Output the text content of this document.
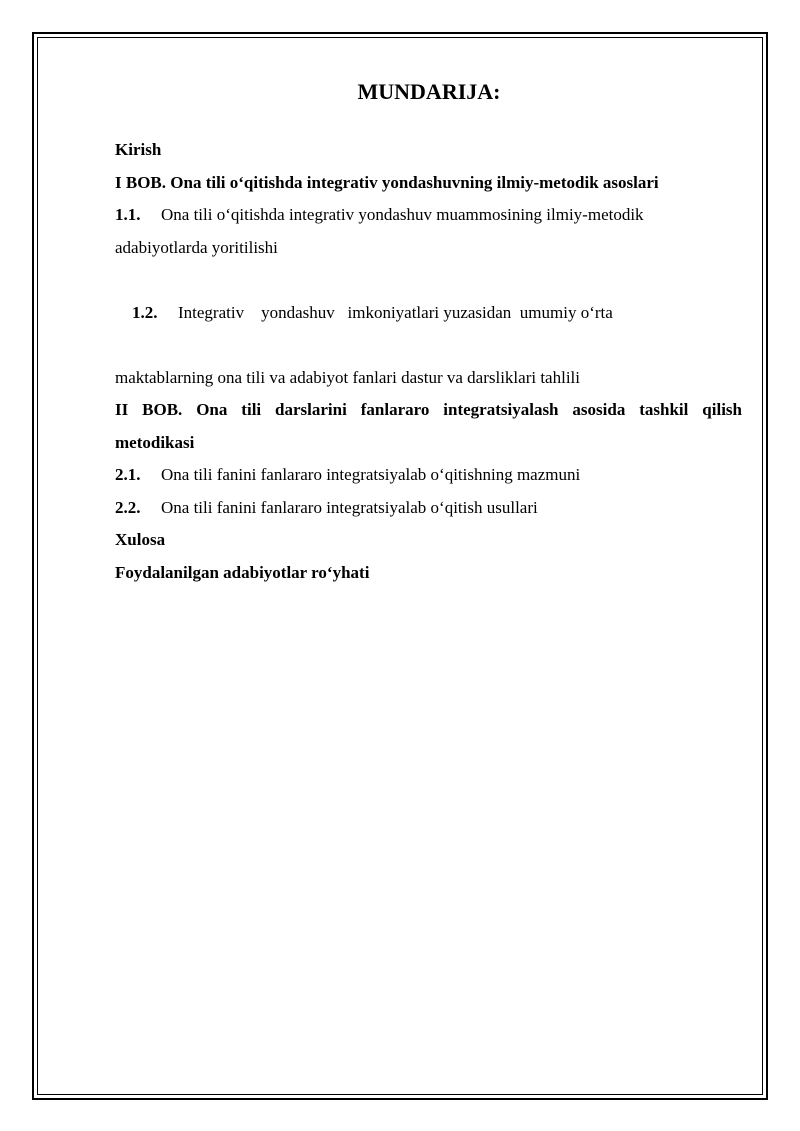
MUNDARIJA:
Kirish
I BOB. Ona tili o‘qitishda integrativ yondashuvning ilmiy-metodik asoslari
1.1. Ona tili o‘qitishda integrativ yondashuv muammosining ilmiy-metodik
adabiyotlarda yoritilishi

1.2. Integrativ    yondashuv   imkoniyatlari yuzasidan  umumiy o‘rta

maktablarning ona tili va adabiyot fanlari dastur va darsliklari tahlili
II BOB. Ona tili darslarini fanlararo integratsiyalash asosida tashkil qilish
metodikasi
2.1. Ona tili fanini fanlararo integratsiyalab o‘qitishning mazmuni
2.2. Ona tili fanini fanlararo integratsiyalab o‘qitish usullari
Xulosa
Foydalanilgan adabiyotlar ro‘yhati
